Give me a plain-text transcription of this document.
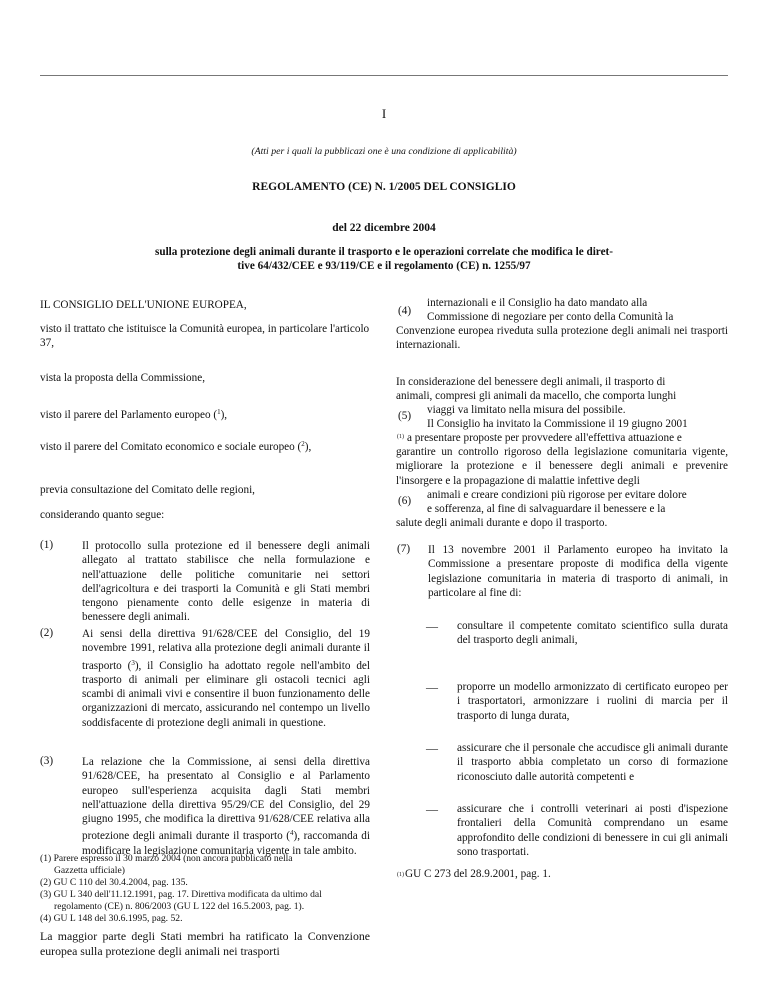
I
(Atti per i quali la pubblicazi one è una condizione di applicabilità)
REGOLAMENTO (CE) N. 1/2005 DEL CONSIGLIO
del 22 dicembre 2004
sulla protezione degli animali durante il trasporto e le operazioni correlate che modifica le diret-
tive 64/432/CEE e 93/119/CE e il regolamento (CE) n. 1255/97
IL CONSIGLIO DELL'UNIONE EUROPEA,
visto il trattato che istituisce la Comunità europea, in particolare l'articolo 37,
vista la proposta della Commissione,
visto il parere del Parlamento europeo ($^1$),
visto il parere del Comitato economico e sociale europeo ($^2$),
previa consultazione del Comitato delle regioni,
considerando quanto segue:
(1)	Il protocollo sulla protezione ed il benessere degli animali allegato al trattato stabilisce che nella formulazione e nell'attuazione delle politiche comunitarie nei settori dell'agricoltura e dei trasporti la Comunità e gli Stati membri tengono pienamente conto delle esigenze in materia di benessere degli animali.
(2)	Ai sensi della direttiva 91/628/CEE del Consiglio, del 19 novembre 1991, relativa alla protezione degli animali durante il trasporto ($^3$), il Consiglio ha adottato regole nell'ambito del trasporto di animali per eliminare gli ostacoli tecnici agli scambi di animali vivi e consentire il buon funzionamento delle organizzazioni di mercato, assicurando nel contempo un livello soddisfacente di protezione degli animali in questione.
(3)	La relazione che la Commissione, ai sensi della direttiva 91/628/CEE, ha presentato al Consiglio e al Parlamento europeo sull'esperienza acquisita dagli Stati membri nell'attuazione della direttiva 95/29/CE del Consiglio, del 29 giugno 1995, che modifica la direttiva 91/628/CEE relativa alla protezione degli animali durante il trasporto ($^4$), raccomanda di modificare la legislazione comunitaria vigente in tale ambito.
(1) Parere espresso il 30 marzo 2004 (non ancora pubblicato nella
Gazzetta ufficiale)
(2) GU C 110 del 30.4.2004, pag. 135.
(3) GU L 340 dell'11.12.1991, pag. 17. Direttiva modificata da ultimo dal
regolamento (CE) n. 806/2003 (GU L 122 del 16.5.2003, pag. 1).
(4) GU L 148 del 30.6.1995, pag. 52.
La maggior parte degli Stati membri ha ratificato la Convenzione europea sulla protezione degli animali nei trasporti
(4)
internazionali e il Consiglio ha dato mandato alla
Commissione di negoziare per conto della Comunità la
Convenzione europea riveduta sulla protezione degli animali nei trasporti internazionali.
In considerazione del benessere degli animali, il trasporto di
animali, compresi gli animali da macello, che comporta lunghi
viaggi va limitato nella misura del possibile.
(5)
Il Consiglio ha invitato la Commissione il 19 giugno 2001
(1) a presentare proposte per provvedere all'effettiva attuazione e
garantire un controllo rigoroso della legislazione comunitaria vigente, migliorare la protezione e il benessere degli animali e prevenire l'insorgere e la propagazione di malattie infettive degli
animali e creare condizioni più rigorose per evitare dolore
(6)
e sofferenza, al fine di salvaguardare il benessere e la
salute degli animali durante e dopo il trasporto.
(7)	Il 13 novembre 2001 il Parlamento europeo ha invitato la Commissione a presentare proposte di modifica della vigente legislazione comunitaria in materia di trasporto di animali, in particolare al fine di:
— consultare il competente comitato scientifico sulla durata del trasporto degli animali,
— proporre un modello armonizzato di certificato europeo per i trasportatori, armonizzare i ruolini di marcia per il trasporto di lunga durata,
— assicurare che il personale che accudisce gli animali durante il trasporto abbia completato un corso di formazione riconosciuto dalle autorità competenti e
— assicurare che i controlli veterinari ai posti d'ispezione frontalieri della Comunità comprendano un esame approfondito delle condizioni di benessere in cui gli animali sono trasportati.
(1) GU C 273 del 28.9.2001, pag. 1.
